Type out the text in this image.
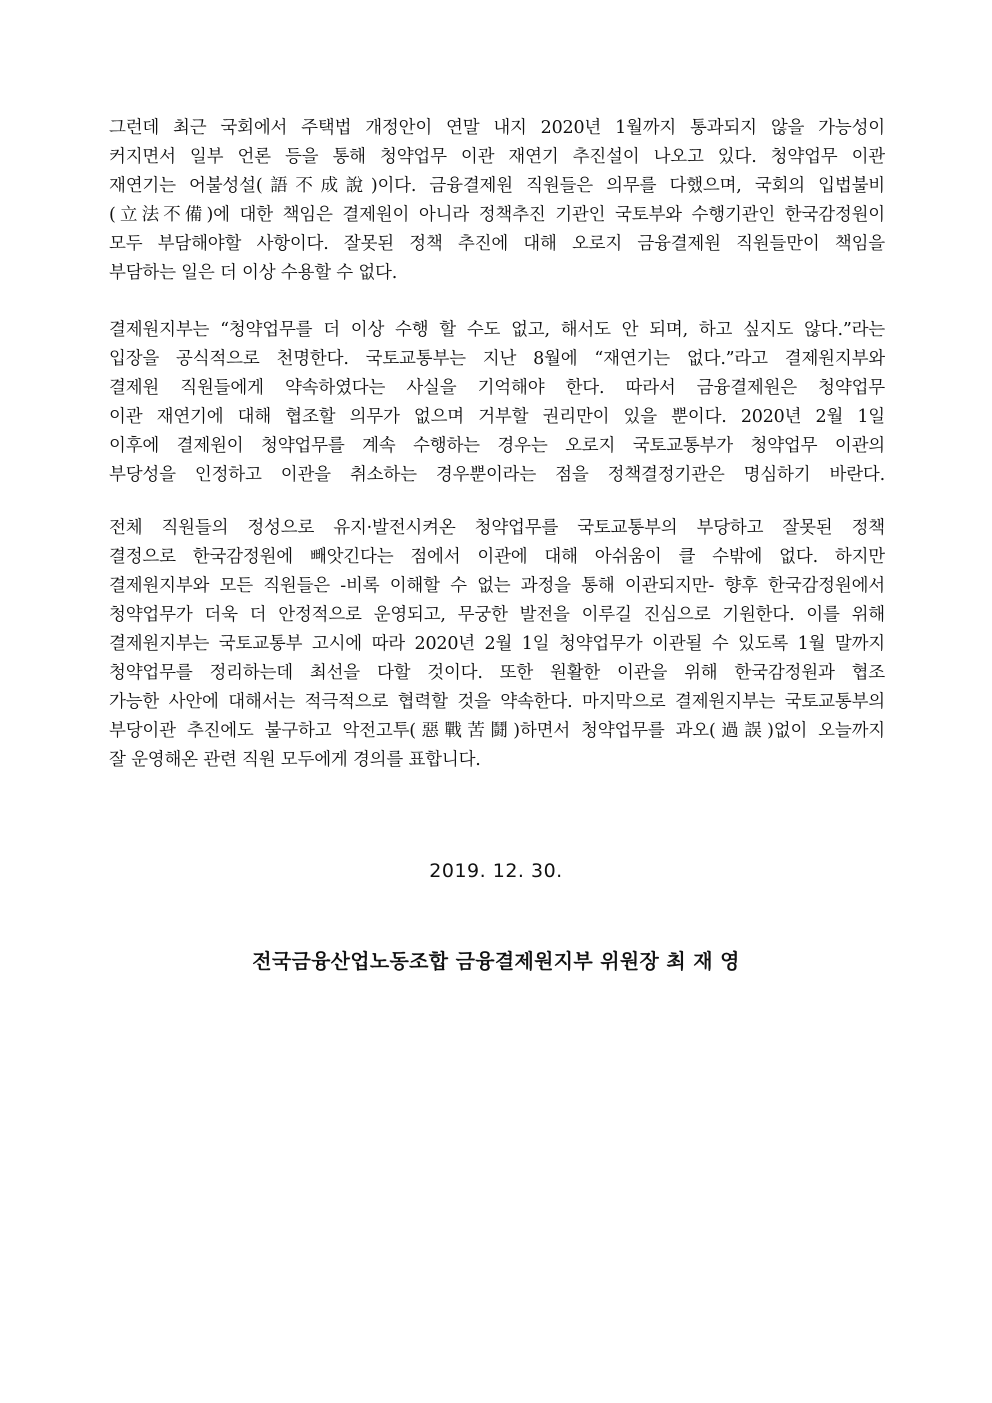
그런데 최근 국회에서 주택법 개정안이 연말 내지 2020년 1월까지 통과되지 않을 가능성이
커지면서 일부 언론 등을 통해 청약업무 이관 재연기 추진설이 나오고 있다. 청약업무 이관
재연기는 어불성설(語不成說)이다. 금융결제원 직원들은 의무를 다했으며, 국회의 입법불비
(立法不備)에 대한 책임은 결제원이 아니라 정책추진 기관인 국토부와 수행기관인 한국감정원이
모두 부담해야할 사항이다. 잘못된 정책 추진에 대해 오로지 금융결제원 직원들만이 책임을
부담하는 일은 더 이상 수용할 수 없다.
결제원지부는 “청약업무를 더 이상 수행 할 수도 없고, 해서도 안 되며, 하고 싶지도 않다.”라는
입장을 공식적으로 천명한다. 국토교통부는 지난 8월에 “재연기는 없다.”라고 결제원지부와
결제원 직원들에게 약속하였다는 사실을 기억해야 한다. 따라서 금융결제원은 청약업무
이관 재연기에 대해 협조할 의무가 없으며 거부할 권리만이 있을 뿐이다. 2020년 2월 1일
이후에 결제원이 청약업무를 계속 수행하는 경우는 오로지 국토교통부가 청약업무 이관의
부당성을 인정하고 이관을 취소하는 경우뿐이라는 점을 정책결정기관은 명심하기 바란다.
전체 직원들의 정성으로 유지·발전시켜온 청약업무를 국토교통부의 부당하고 잘못된 정책
결정으로 한국감정원에 빼앗긴다는 점에서 이관에 대해 아쉬움이 클 수밖에 없다. 하지만
결제원지부와 모든 직원들은 -비록 이해할 수 없는 과정을 통해 이관되지만- 향후 한국감정원에서
청약업무가 더욱 더 안정적으로 운영되고, 무궁한 발전을 이루길 진심으로 기원한다. 이를 위해
결제원지부는 국토교통부 고시에 따라 2020년 2월 1일 청약업무가 이관될 수 있도록 1월 말까지
청약업무를 정리하는데 최선을 다할 것이다. 또한 원활한 이관을 위해 한국감정원과 협조
가능한 사안에 대해서는 적극적으로 협력할 것을 약속한다. 마지막으로 결제원지부는 국토교통부의
부당이관 추진에도 불구하고 악전고투(惡戰苦鬪)하면서 청약업무를 과오(過誤)없이 오늘까지
잘 운영해온 관련 직원 모두에게 경의를 표합니다.
2019. 12. 30.
전국금융산업노동조합 금융결제원지부 위원장 최 재 영
